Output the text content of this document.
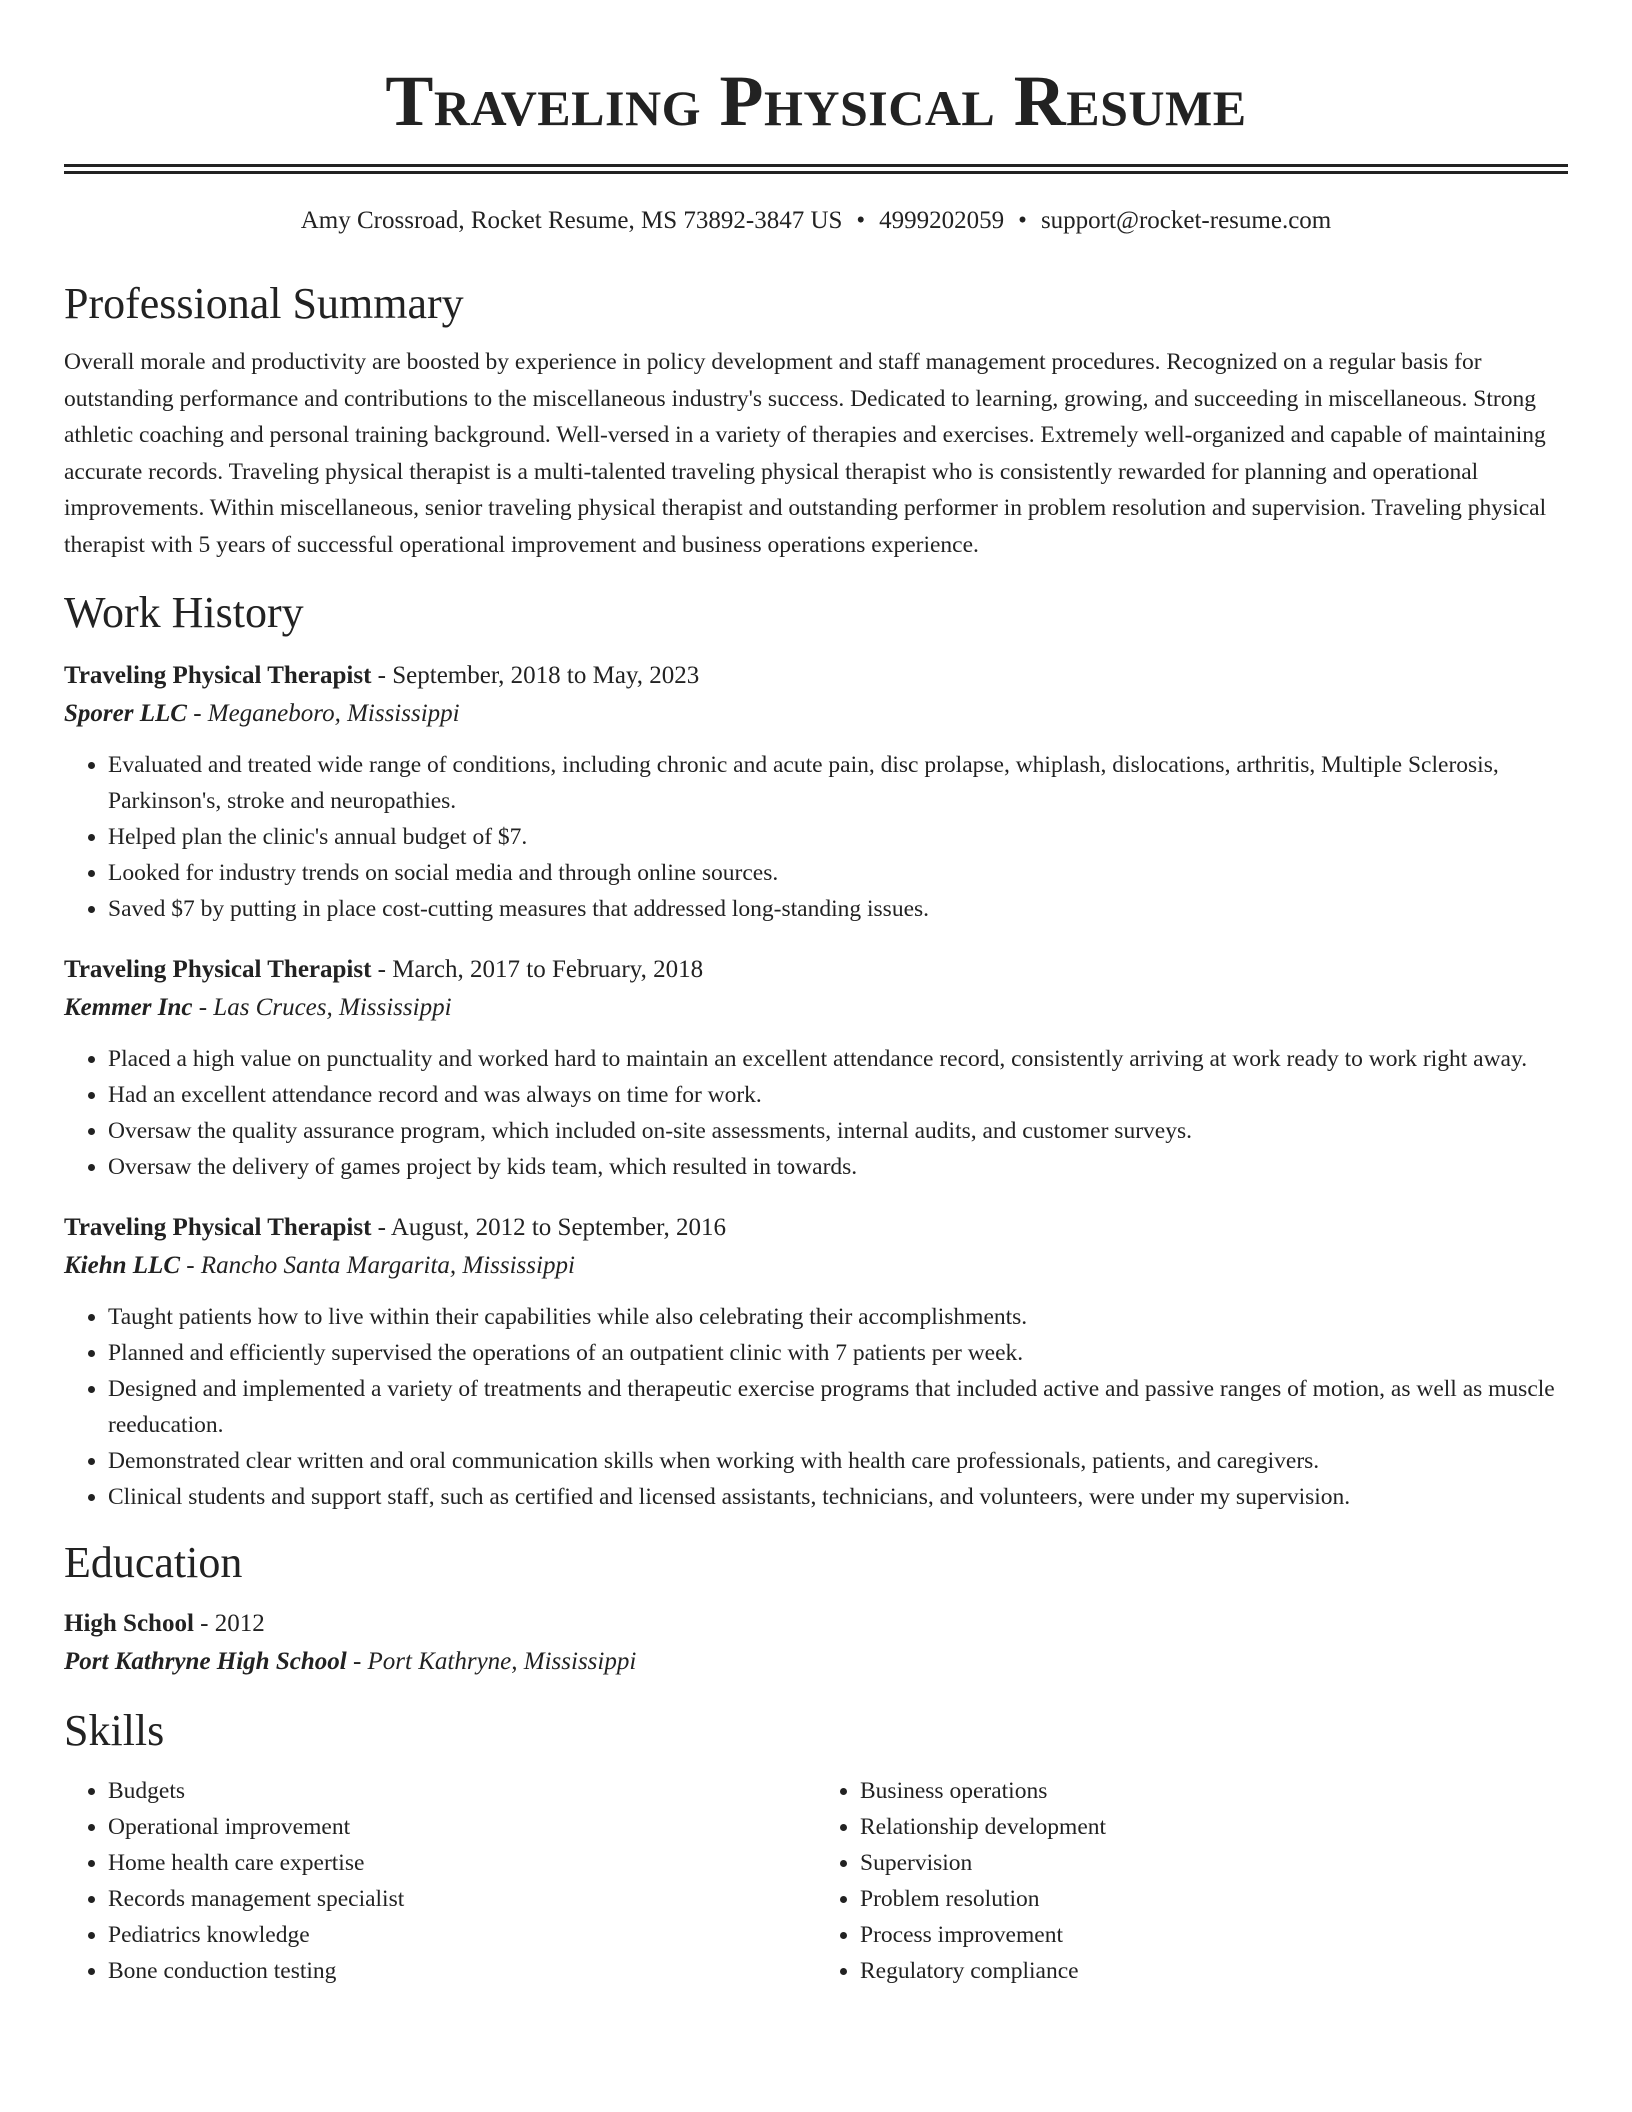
Traveling Physical Resume
Amy Crossroad, Rocket Resume, MS 73892-3847 US • 4999202059 • support@rocket-resume.com
Professional Summary

Overall morale and productivity are boosted by experience in policy development and staff management procedures. Recognized on a regular basis for outstanding performance and contributions to the miscellaneous industry's success. Dedicated to learning, growing, and succeeding in miscellaneous. Strong athletic coaching and personal training background. Well-versed in a variety of therapies and exercises. Extremely well-organized and capable of maintaining accurate records. Traveling physical therapist is a multi-talented traveling physical therapist who is consistently rewarded for planning and operational improvements. Within miscellaneous, senior traveling physical therapist and outstanding performer in problem resolution and supervision. Traveling physical therapist with 5 years of successful operational improvement and business operations experience.

Work History
Traveling Physical Therapist - September, 2018 to May, 2023
Sporer LLC - Meganeboro, Mississippi
• Evaluated and treated wide range of conditions, including chronic and acute pain, disc prolapse, whiplash, dislocations, arthritis, Multiple Sclerosis, Parkinson's, stroke and neuropathies.
• Helped plan the clinic's annual budget of $7.
• Looked for industry trends on social media and through online sources.
• Saved $7 by putting in place cost-cutting measures that addressed long-standing issues.
Traveling Physical Therapist - March, 2017 to February, 2018
Kemmer Inc - Las Cruces, Mississippi
• Placed a high value on punctuality and worked hard to maintain an excellent attendance record, consistently arriving at work ready to work right away.
• Had an excellent attendance record and was always on time for work.
• Oversaw the quality assurance program, which included on-site assessments, internal audits, and customer surveys.
• Oversaw the delivery of games project by kids team, which resulted in towards.
Traveling Physical Therapist - August, 2012 to September, 2016
Kiehn LLC - Rancho Santa Margarita, Mississippi
• Taught patients how to live within their capabilities while also celebrating their accomplishments.
• Planned and efficiently supervised the operations of an outpatient clinic with 7 patients per week.
• Designed and implemented a variety of treatments and therapeutic exercise programs that included active and passive ranges of motion, as well as muscle reeducation.
• Demonstrated clear written and oral communication skills when working with health care professionals, patients, and caregivers.
• Clinical students and support staff, such as certified and licensed assistants, technicians, and volunteers, were under my supervision.
Education
High School - 2012
Port Kathryne High School - Port Kathryne, Mississippi
Skills
• Budgets
• Operational improvement
• Home health care expertise
• Records management specialist
• Pediatrics knowledge
• Bone conduction testing
• Business operations
• Relationship development
• Supervision
• Problem resolution
• Process improvement
• Regulatory compliance
